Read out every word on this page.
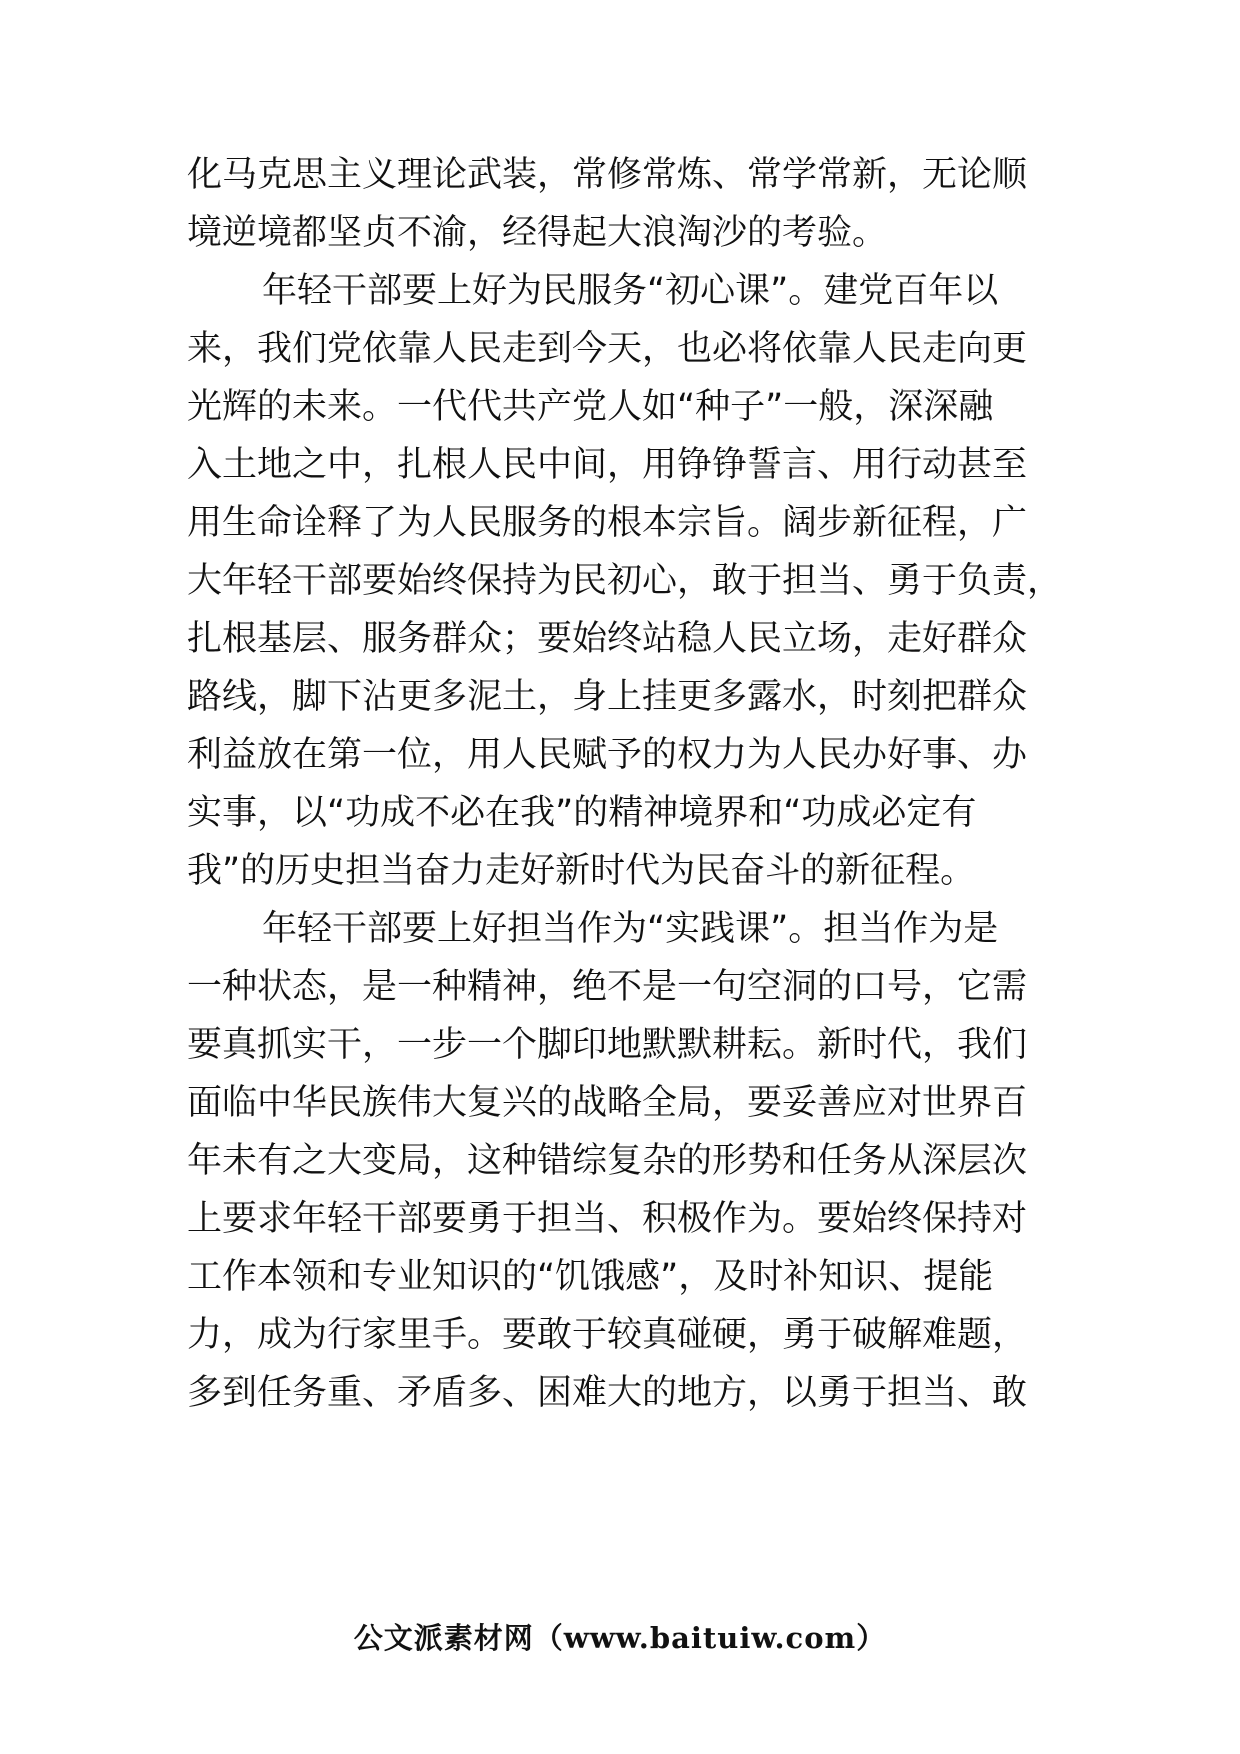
化马克思主义理论武装，常修常炼、常学常新，无论顺
境逆境都坚贞不渝，经得起大浪淘沙的考验。
年轻干部要上好为民服务“初心课”。建党百年以
来，我们党依靠人民走到今天，也必将依靠人民走向更
光辉的未来。一代代共产党人如“种子”一般，深深融
入土地之中，扎根人民中间，用铮铮誓言、用行动甚至
用生命诠释了为人民服务的根本宗旨。阔步新征程，广
大年轻干部要始终保持为民初心，敢于担当、勇于负责，
扎根基层、服务群众；要始终站稳人民立场，走好群众
路线，脚下沾更多泥土，身上挂更多露水，时刻把群众
利益放在第一位，用人民赋予的权力为人民办好事、办
实事，以“功成不必在我”的精神境界和“功成必定有
我”的历史担当奋力走好新时代为民奋斗的新征程。
年轻干部要上好担当作为“实践课”。担当作为是
一种状态，是一种精神，绝不是一句空洞的口号，它需
要真抓实干，一步一个脚印地默默耕耘。新时代，我们
面临中华民族伟大复兴的战略全局，要妥善应对世界百
年未有之大变局，这种错综复杂的形势和任务从深层次
上要求年轻干部要勇于担当、积极作为。要始终保持对
工作本领和专业知识的“饥饿感”，及时补知识、提能
力，成为行家里手。要敢于较真碰硬，勇于破解难题，
多到任务重、矛盾多、困难大的地方，以勇于担当、敢
公文派素材网（www.baituiw.com）
